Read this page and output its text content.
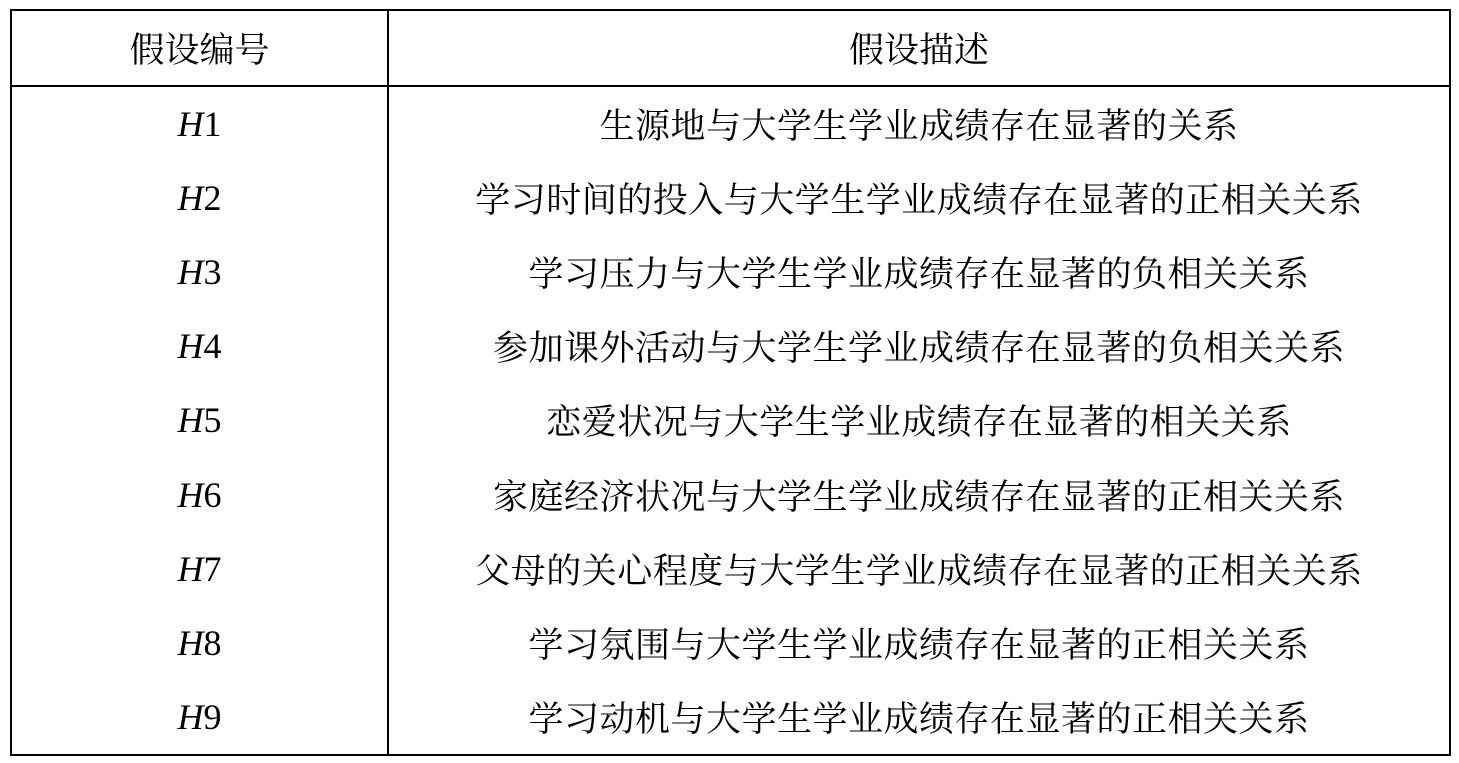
假设编号	假设描述
H1	生源地与大学生学业成绩存在显著的关系
H2	学习时间的投入与大学生学业成绩存在显著的正相关关系
H3	学习压力与大学生学业成绩存在显著的负相关关系
H4	参加课外活动与大学生学业成绩存在显著的负相关关系
H5	恋爱状况与大学生学业成绩存在显著的相关关系
H6	家庭经济状况与大学生学业成绩存在显著的正相关关系
H7	父母的关心程度与大学生学业成绩存在显著的正相关关系
H8	学习氛围与大学生学业成绩存在显著的正相关关系
H9	学习动机与大学生学业成绩存在显著的正相关关系
